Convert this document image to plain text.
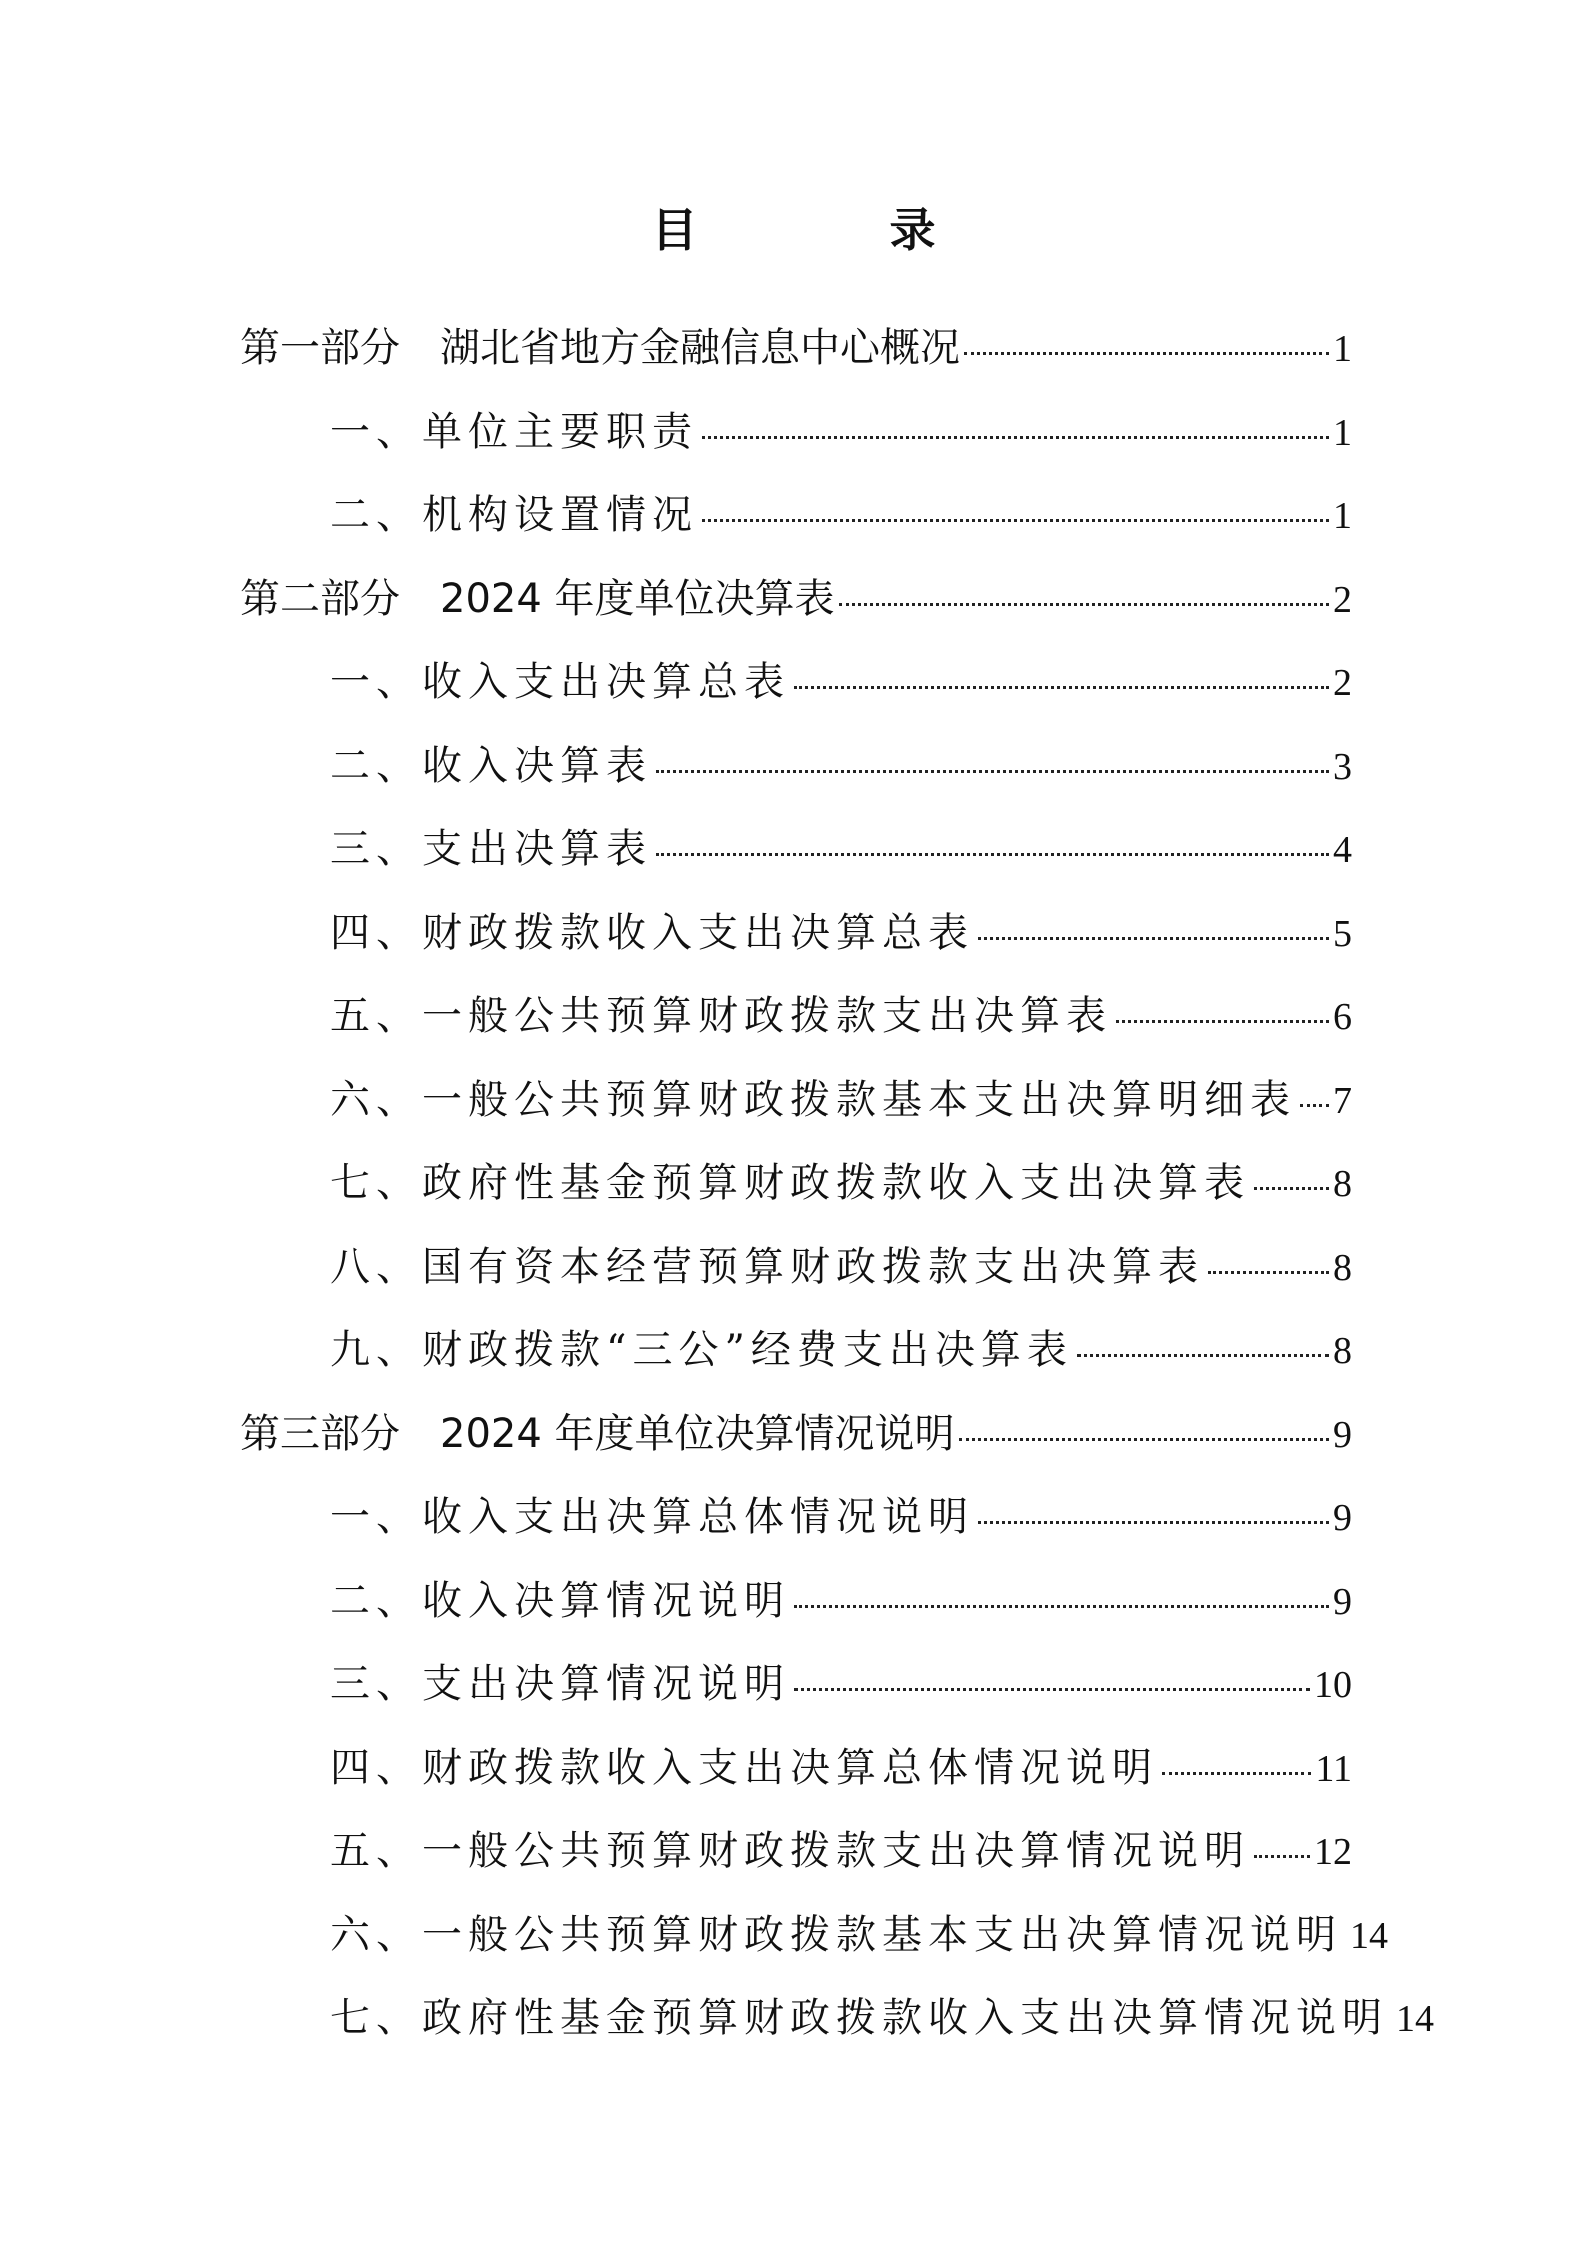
目 录
第一部分　湖北省地方金融信息中心概况	1
一、单位主要职责	1
二、机构设置情况	1
第二部分　2024 年度单位决算表	2
一、收入支出决算总表	2
二、收入决算表	3
三、支出决算表	4
四、财政拨款收入支出决算总表	5
五、一般公共预算财政拨款支出决算表	6
六、一般公共预算财政拨款基本支出决算明细表 7
七、政府性基金预算财政拨款收入支出决算表 8
八、国有资本经营预算财政拨款支出决算表	8
九、财政拨款“三公”经费支出决算表	8
第三部分　2024 年度单位决算情况说明	9
一、收入支出决算总体情况说明	9
二、收入决算情况说明	9
三、支出决算情况说明	10
四、财政拨款收入支出决算总体情况说明	11
五、一般公共预算财政拨款支出决算情况说明 12
六、一般公共预算财政拨款基本支出决算情况说明 14
七、政府性基金预算财政拨款收入支出决算情况说明 14
